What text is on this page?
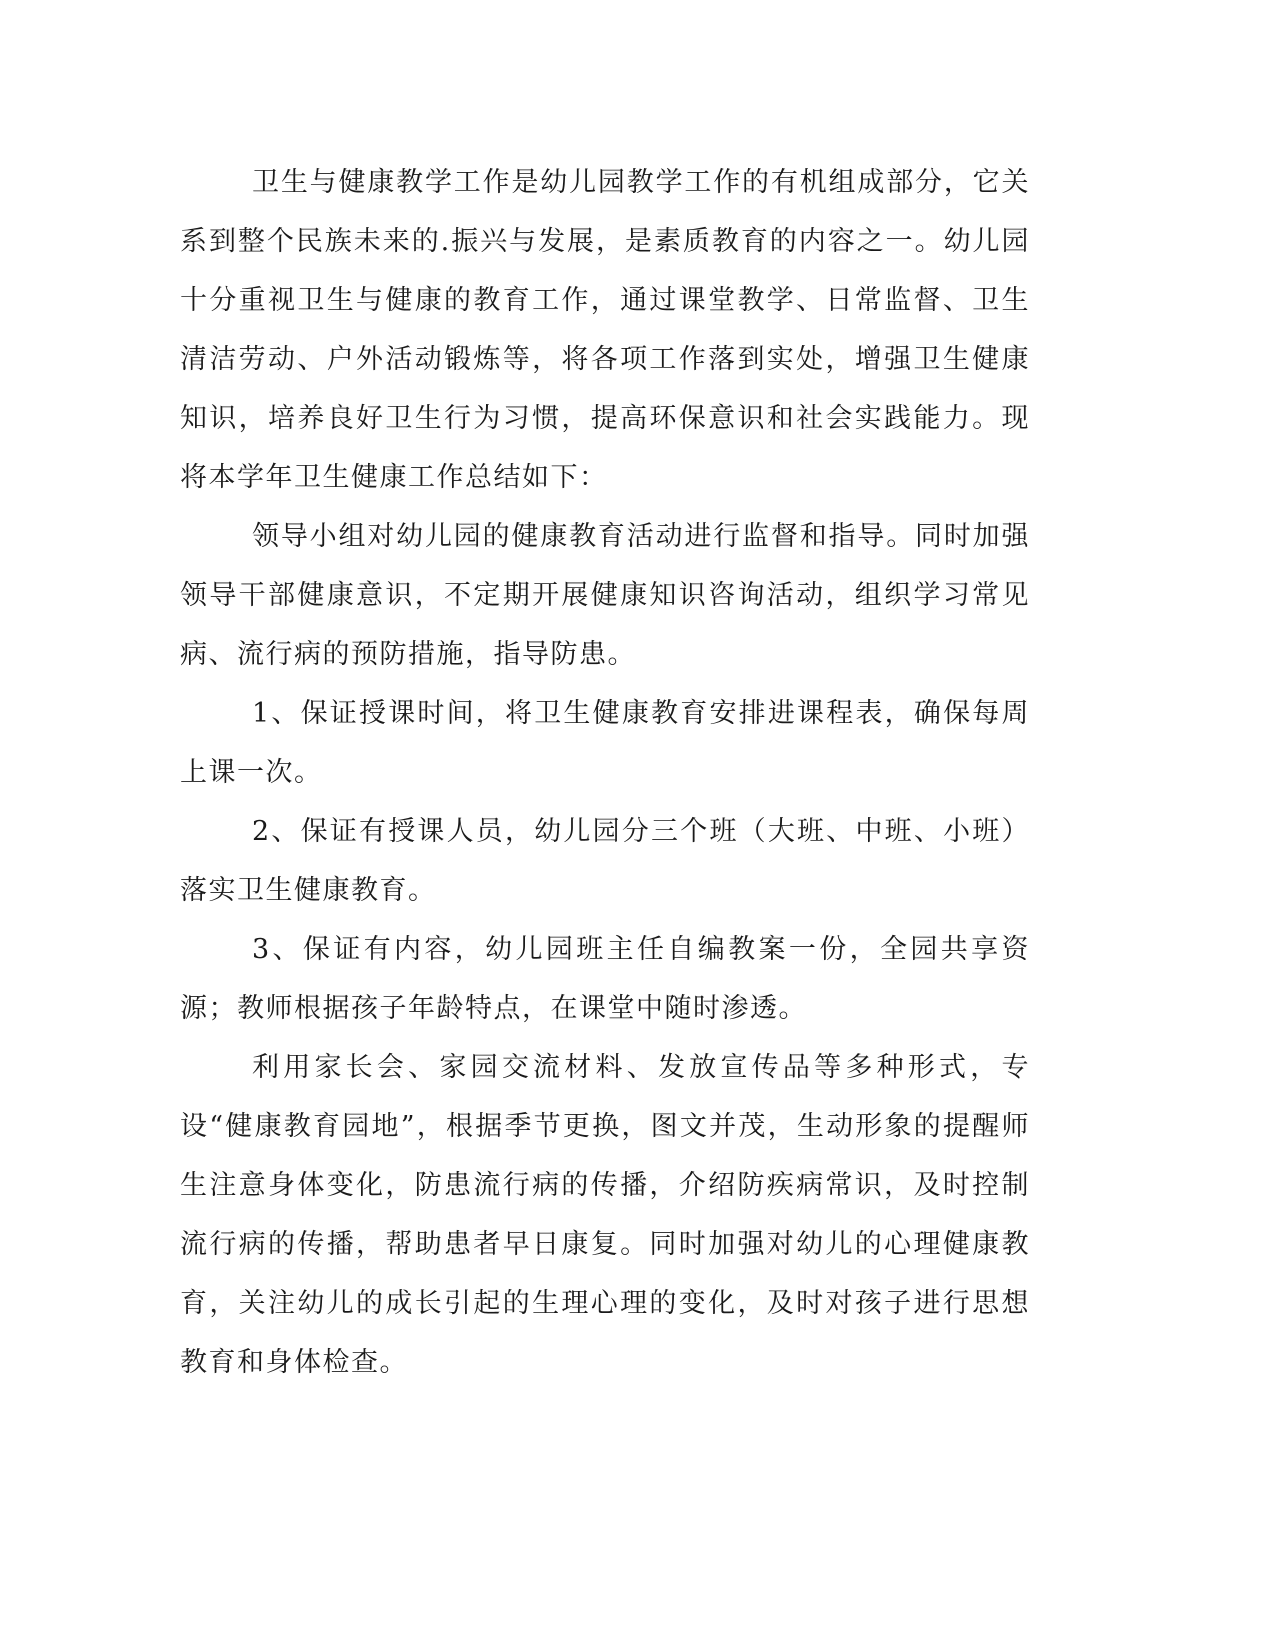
卫生与健康教学工作是幼儿园教学工作的有机组成部分，它关系到整个民族未来的.振兴与发展，是素质教育的内容之一。幼儿园十分重视卫生与健康的教育工作，通过课堂教学、日常监督、卫生清洁劳动、户外活动锻炼等，将各项工作落到实处，增强卫生健康知识，培养良好卫生行为习惯，提高环保意识和社会实践能力。现将本学年卫生健康工作总结如下：

领导小组对幼儿园的健康教育活动进行监督和指导。同时加强领导干部健康意识，不定期开展健康知识咨询活动，组织学习常见病、流行病的预防措施，指导防患。

1、保证授课时间，将卫生健康教育安排进课程表，确保每周上课一次。

2、保证有授课人员，幼儿园分三个班（大班、中班、小班）落实卫生健康教育。

3、保证有内容，幼儿园班主任自编教案一份，全园共享资源；教师根据孩子年龄特点，在课堂中随时渗透。

利用家长会、家园交流材料、发放宣传品等多种形式，专设“健康教育园地”，根据季节更换，图文并茂，生动形象的提醒师生注意身体变化，防患流行病的传播，介绍防疾病常识，及时控制流行病的传播，帮助患者早日康复。同时加强对幼儿的心理健康教育，关注幼儿的成长引起的生理心理的变化，及时对孩子进行思想教育和身体检查。
